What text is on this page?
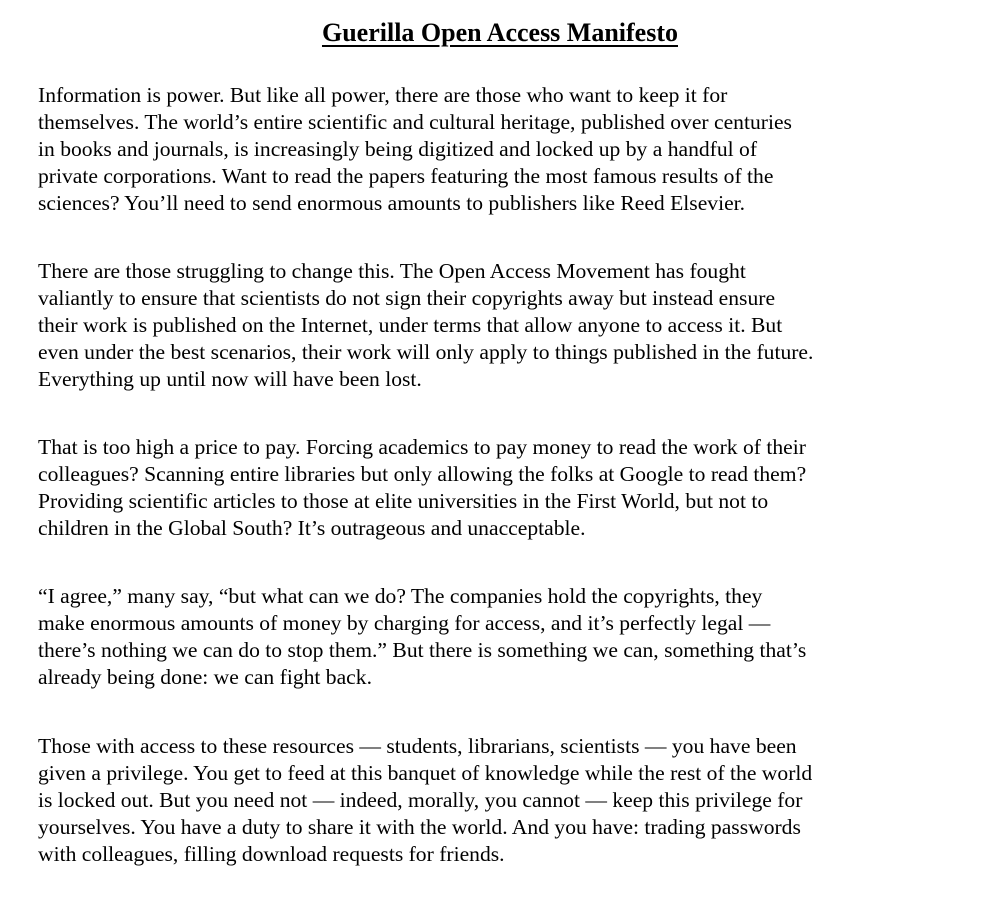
Guerilla Open Access Manifesto

Information is power. But like all power, there are those who want to keep it for
themselves. The world’s entire scientific and cultural heritage, published over centuries
in books and journals, is increasingly being digitized and locked up by a handful of
private corporations. Want to read the papers featuring the most famous results of the
sciences? You’ll need to send enormous amounts to publishers like Reed Elsevier.

There are those struggling to change this. The Open Access Movement has fought
valiantly to ensure that scientists do not sign their copyrights away but instead ensure
their work is published on the Internet, under terms that allow anyone to access it. But
even under the best scenarios, their work will only apply to things published in the future.
Everything up until now will have been lost.

That is too high a price to pay. Forcing academics to pay money to read the work of their
colleagues? Scanning entire libraries but only allowing the folks at Google to read them?
Providing scientific articles to those at elite universities in the First World, but not to
children in the Global South? It’s outrageous and unacceptable.

“I agree,” many say, “but what can we do? The companies hold the copyrights, they
make enormous amounts of money by charging for access, and it’s perfectly legal —
there’s nothing we can do to stop them.” But there is something we can, something that’s
already being done: we can fight back.

Those with access to these resources — students, librarians, scientists — you have been
given a privilege. You get to feed at this banquet of knowledge while the rest of the world
is locked out. But you need not — indeed, morally, you cannot — keep this privilege for
yourselves. You have a duty to share it with the world. And you have: trading passwords
with colleagues, filling download requests for friends.
